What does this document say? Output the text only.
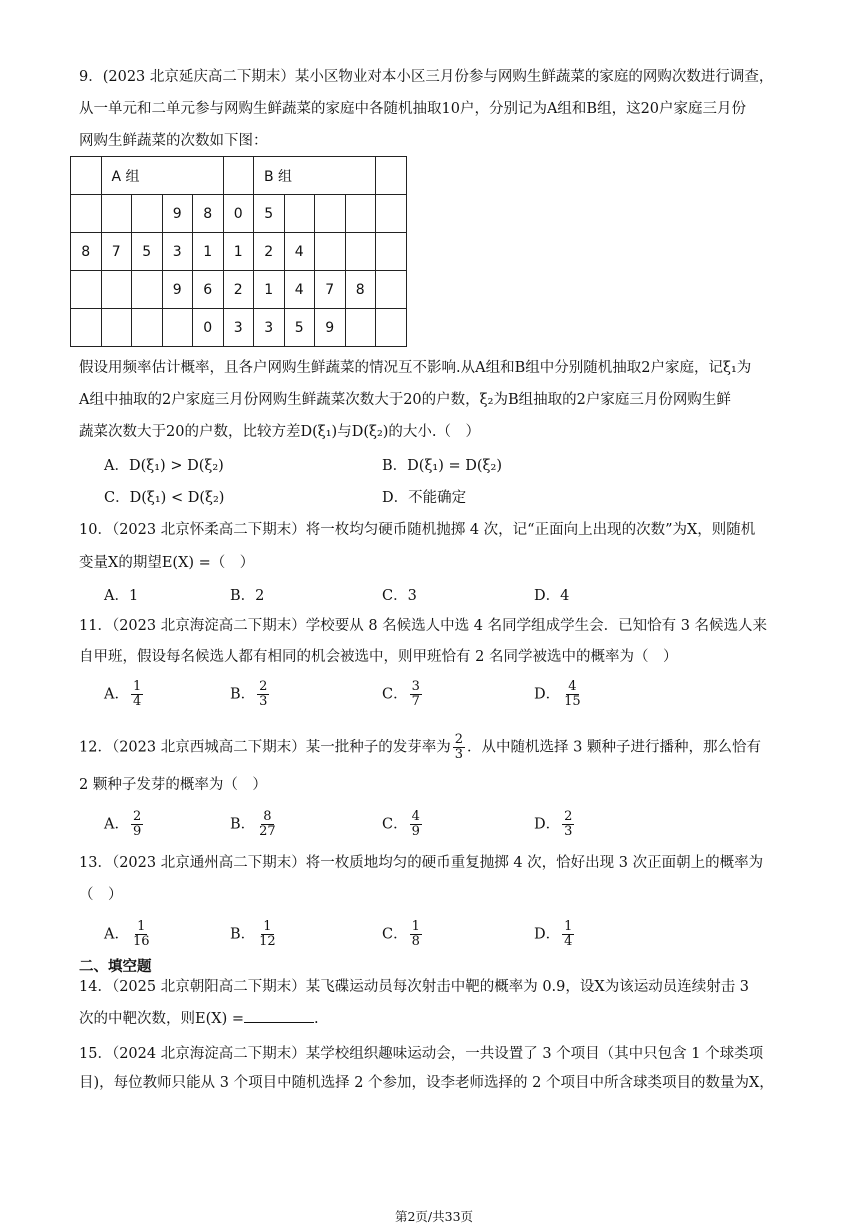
9．(2023 北京延庆高二下期末）某小区物业对本小区三月份参与网购生鲜蔬菜的家庭的网购次数进行调查，
从一单元和二单元参与网购生鲜蔬菜的家庭中各随机抽取10户，分别记为A组和B组，这20户家庭三月份
网购生鲜蔬菜的次数如下图：
	A 组					B 组				
			9	8	0	5				
8	7	5	3	1	1	2	4			
			9	6	2	1	4	7	8	
				0	3	3	5	9		
假设用频率估计概率，且各户网购生鲜蔬菜的情况互不影响.从A组和B组中分别随机抽取2户家庭，记ξ₁为
A组中抽取的2户家庭三月份网购生鲜蔬菜次数大于20的户数，ξ₂为B组抽取的2户家庭三月份网购生鲜
蔬菜次数大于20的户数，比较方差D(ξ₁)与D(ξ₂)的大小.（　）
A．D(ξ₁) > D(ξ₂)	B．D(ξ₁) = D(ξ₂)
C．D(ξ₁) < D(ξ₂)	D．不能确定
10．（2023 北京怀柔高二下期末）将一枚均匀硬币随机抛掷 4 次，记“正面向上出现的次数”为X，则随机
变量X的期望E(X) =（　）
A．1	B．2	C．3	D．4
11．（2023 北京海淀高二下期末）学校要从 8 名候选人中选 4 名同学组成学生会．已知恰有 3 名候选人来
自甲班，假设每名候选人都有相同的机会被选中，则甲班恰有 2 名同学被选中的概率为（　）
A． $\frac{1}{4}$	B． $\frac{2}{3}$	C． $\frac{3}{7}$	D． $\frac{4}{15}$
12．（2023 北京西城高二下期末）某一批种子的发芽率为 $\frac{2}{3}$ ．从中随机选择 3 颗种子进行播种，那么恰有
2 颗种子发芽的概率为（　）
A． $\frac{2}{9}$	B． $\frac{8}{27}$	C． $\frac{4}{9}$	D． $\frac{2}{3}$
13．（2023 北京通州高二下期末）将一枚质地均匀的硬币重复抛掷 4 次，恰好出现 3 次正面朝上的概率为
（　）
A． $\frac{1}{16}$	B． $\frac{1}{12}$	C． $\frac{1}{8}$	D． $\frac{1}{4}$
二、填空题
14．（2025 北京朝阳高二下期末）某飞碟运动员每次射击中靶的概率为 0.9，设X为该运动员连续射击 3
次的中靶次数，则E(X) =	.
15．（2024 北京海淀高二下期末）某学校组织趣味运动会，一共设置了 3 个项目（其中只包含 1 个球类项
目)，每位教师只能从 3 个项目中随机选择 2 个参加，设李老师选择的 2 个项目中所含球类项目的数量为X，
第2页/共33页
